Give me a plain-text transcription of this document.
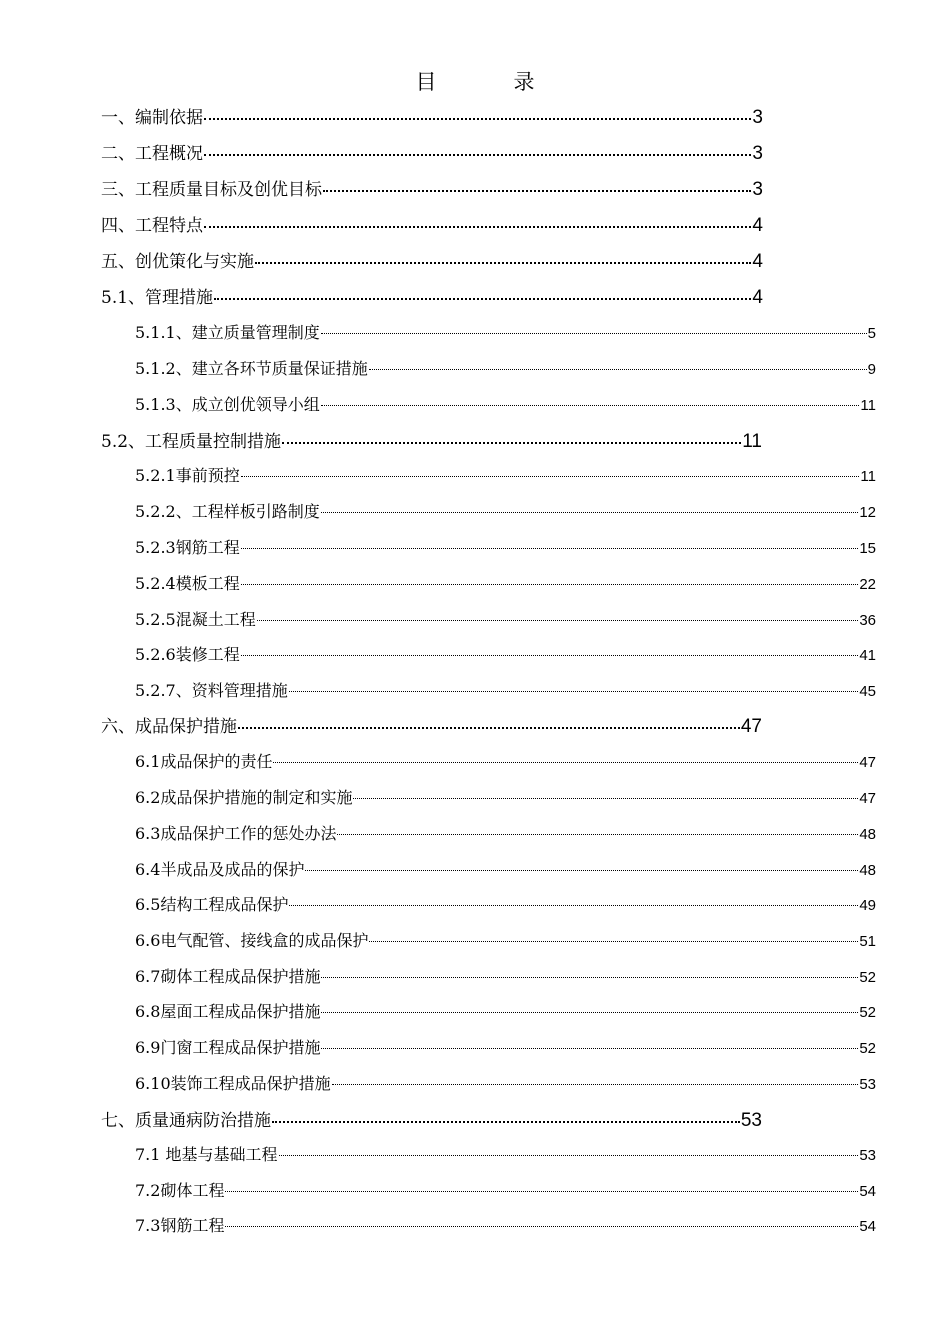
目　录
一、编制依据	3
二、工程概况	3
三、工程质量目标及创优目标	3
四、工程特点	4
五、创优策化与实施	4
5.1、管理措施	4
5.1.1、建立质量管理制度	5
5.1.2、建立各环节质量保证措施	9
5.1.3、成立创优领导小组	11
5.2、工程质量控制措施	11
5.2.1事前预控	11
5.2.2、工程样板引路制度	12
5.2.3钢筋工程	15
5.2.4模板工程	22
5.2.5混凝土工程	36
5.2.6装修工程	41
5.2.7、资料管理措施	45
六、成品保护措施	47
6.1成品保护的责任	47
6.2成品保护措施的制定和实施	47
6.3成品保护工作的惩处办法	48
6.4半成品及成品的保护	48
6.5结构工程成品保护	49
6.6电气配管、接线盒的成品保护	51
6.7砌体工程成品保护措施	52
6.8屋面工程成品保护措施	52
6.9门窗工程成品保护措施	52
6.10装饰工程成品保护措施	53
七、质量通病防治措施	53
7.1 地基与基础工程	53
7.2砌体工程	54
7.3钢筋工程	54
